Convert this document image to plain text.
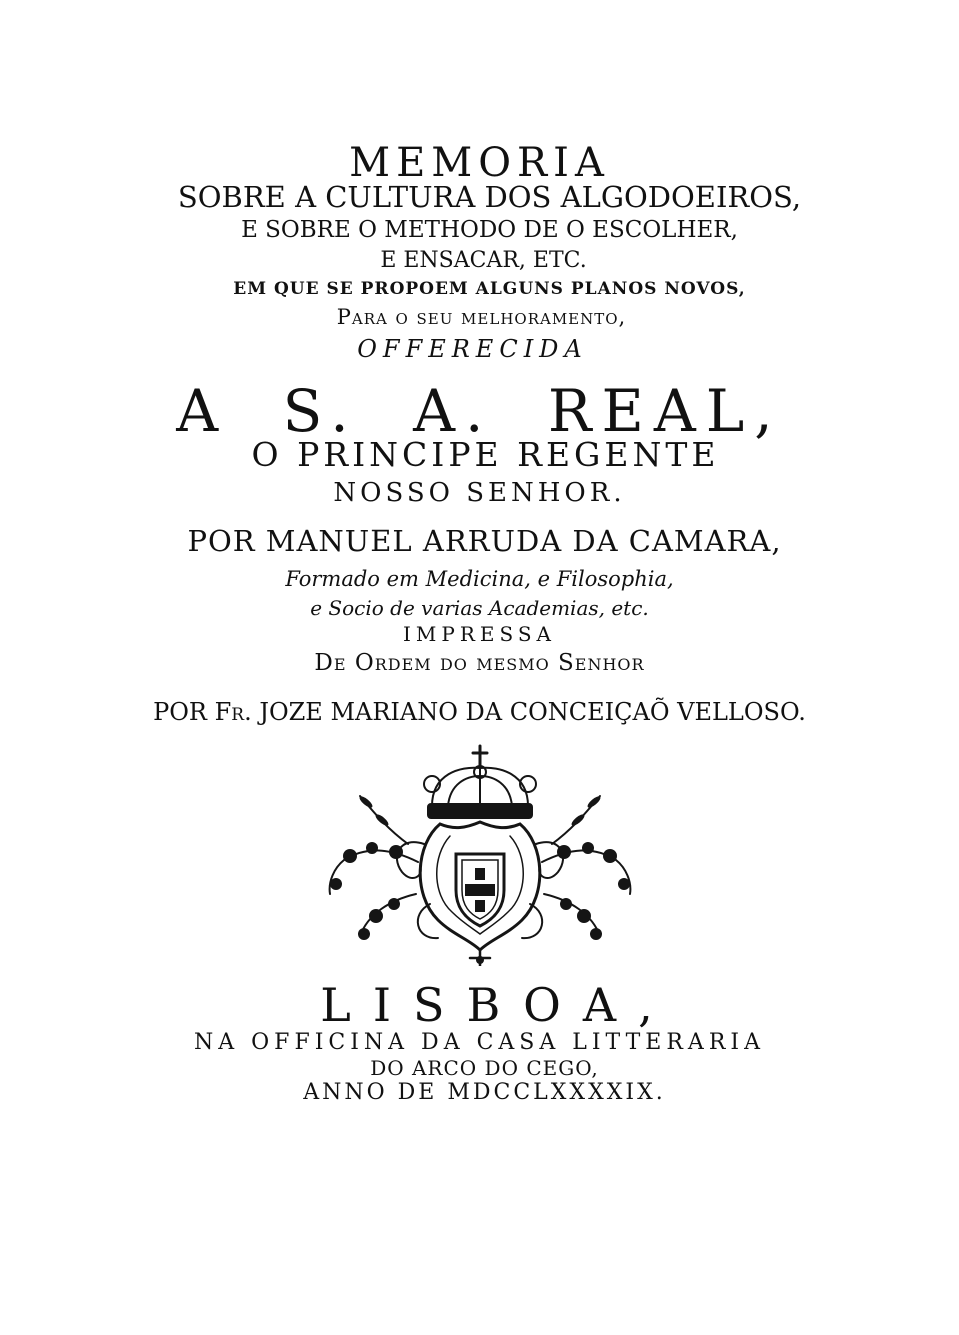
MEMORIA
SOBRE A CULTURA DOS ALGODOEIROS,
E SOBRE O METHODO DE O ESCOLHER,
E ENSACAR, ETC.
EM QUE SE PROPOEM ALGUNS PLANOS NOVOS,
Para o seu melhoramento,
OFFERECIDA
A S. A. REAL,
O PRINCIPE REGENTE
NOSSO SENHOR.
POR MANUEL ARRUDA DA CAMARA,
Formado em Medicina, e Filosophia,
e Socio de varias Academias, etc.
IMPRESSA
De Ordem do mesmo Senhor
POR Fr. JOZE MARIANO DA CONCEIÇAÕ VELLOSO.
LISBOA,
NA OFFICINA DA CASA LITTERARIA
DO ARCO DO CEGO,
ANNO DE MDCCLXXXXIX.
